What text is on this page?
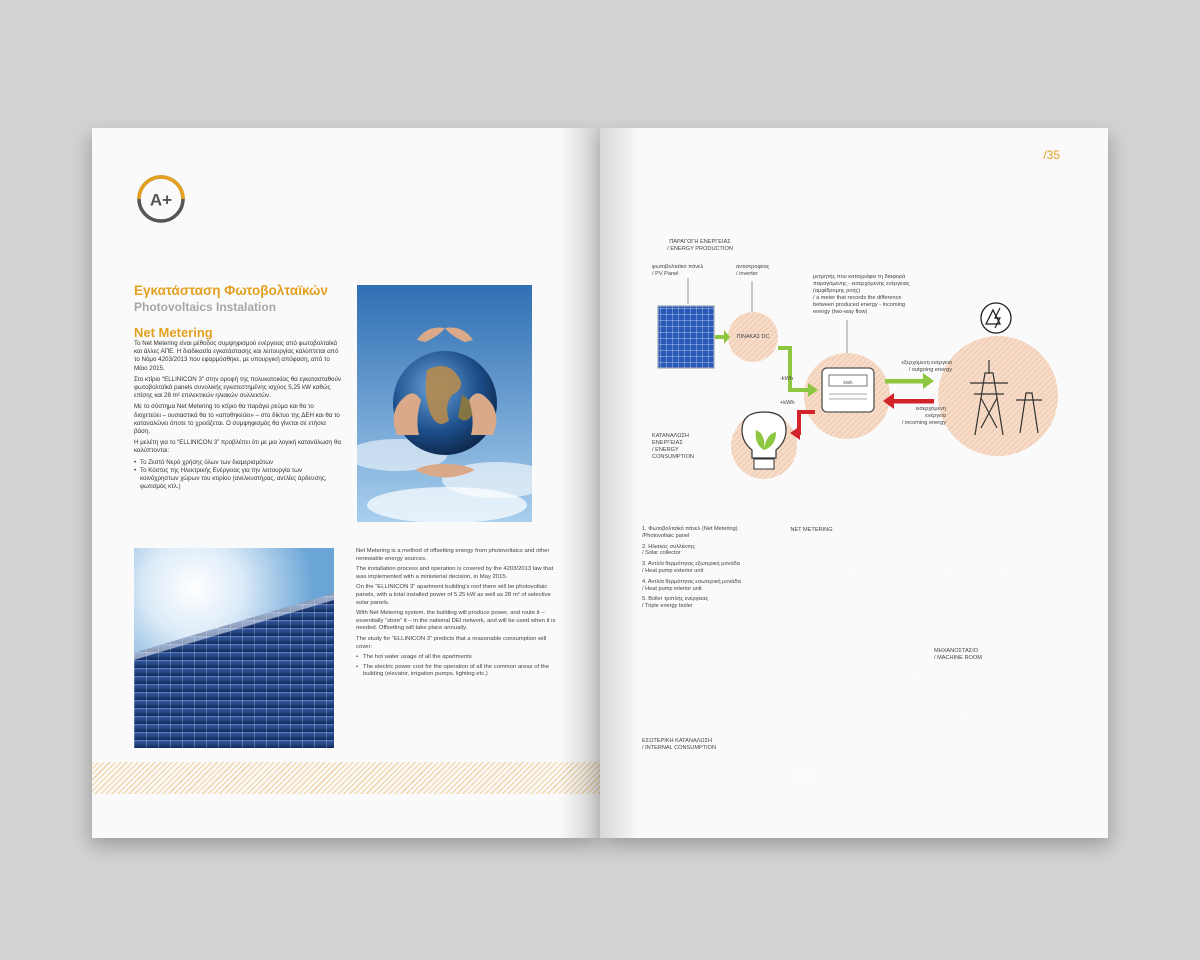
A+
Εγκατάσταση Φωτοβολταϊκών
Photovoltaics Instalation
Net Metering

Το Net Metering είναι μέθοδος συμψηφισμού ενέργειας από φωτοβολταϊκά και άλλες ΑΠΕ. Η διαδικασία εγκατάστασης και λειτουργίας καλύπτεται από το Νόμο 4203/2013 που εφαρμόσθηκε, με υπουργική απόφαση, από το Μάιο 2015.

Στο κτίριο “ELLINICON 3” στην οροφή της πολυκατοικίας θα εγκατασταθούν φωτοβολταϊκά panels συνολικής εγκατεστημένης ισχύος 5,25 kW καθώς επίσης και 28 m² επιλεκτικών ηλιακών συλλεκτών.

Με το σύστημα Net Metering το κτίριο θα παράγει ρεύμα και θα το διοχετεύει – ουσιαστικά θα το «αποθηκεύει» – στο δίκτυο της ΔΕΗ και θα το καταναλώνει όποτε το χρειάζεται. Ο συμψηφισμός θα γίνεται σε ετήσια βάση.

Η μελέτη για το “ELLINICON 3” προβλέπει ότι με μια λογική κατανάλωση θα καλύπτονται:

• Το Ζεστό Νερό χρήσης όλων των διαμερισμάτων
• Το Κόστος της Ηλεκτρικής Ενέργειας για την λειτουργία των κοινόχρηστων χώρων του κτιρίου (ανελκυστήρας, αντλίες άρδευσης, φωτισμός κτλ.)

Net Metering is a method of offsetting energy from photovoltaics and other renewable energy sources.

The installation process and operation is covered by the 4203/2013 law that was implemented with a ministerial decision, in May 2015.

On the “ELLINICON 3” apartment building's roof there will be photovoltaic panels, with a total installed power of 5.25 kW as well as 28 m² of selective solar panels.

With Net Metering system, the building will produce power, and route it – essentially “store” it – in the national DEI network, and will be used when it is needed. Offsetting will take place annually.

The study for “ELLINICON 3” predicts that a reasonable consumption will cover:

• The hot water usage of all the apartments
• The electric power cost for the operation of all the common areas of the building (elevator, irrigation pumps, lighting etc.)
/35
ΠΑΡΑΓΩΓΗ ΕΝΕΡΓΕΙΑΣ
/ ENERGY PRODUCTION
φωτοβολταϊκό πάνελ
/ PV Panel
αντιστροφέας
/ inverter
ΠΙΝΑΚΑΣ DC
μετρητής που καταγράφει τη διαφορά
παραγόμενης - εισερχόμενης ενέργειας
(αμφίδρομης ροής)
/ a meter that records the difference
between produced energy - incoming
energy (two-way flow)
kWh
-kWh
+kWh
εξερχόμενη ενέργεια
/ outgoing energy
εισερχόμενη
ενέργεια
/ incoming energy
ΚΑΤΑΝΑΛΩΣΗ
ΕΝΕΡΓΕΙΑΣ
/ ENERGY
CONSUMPTION
1. Φωτοβολταϊκό πάνελ (Net Metering)
/Photovoltaic panel
2. Ηλιακός συλλέκτης
/ Solar collector
3. Αντλία θερμότητας εξωτερική μονάδα
/ Heat pump exterior unit
4. Αντλία θερμότητας εσωτερική μονάδα
/ Heat pump interior unit
5. Boiler τριπλής ενέργειας
/ Triple energy boiler
NET METERING
ΜΗΧΑΝΟΣΤΑΣΙΟ
/ MACHINE ROOM
ΕΣΩΤΕΡΙΚΗ ΚΑΤΑΝΑΛΩΣΗ
/ INTERNAL CONSUMPTION
ΕΥΔΑΠ
1	2	3
4
5
